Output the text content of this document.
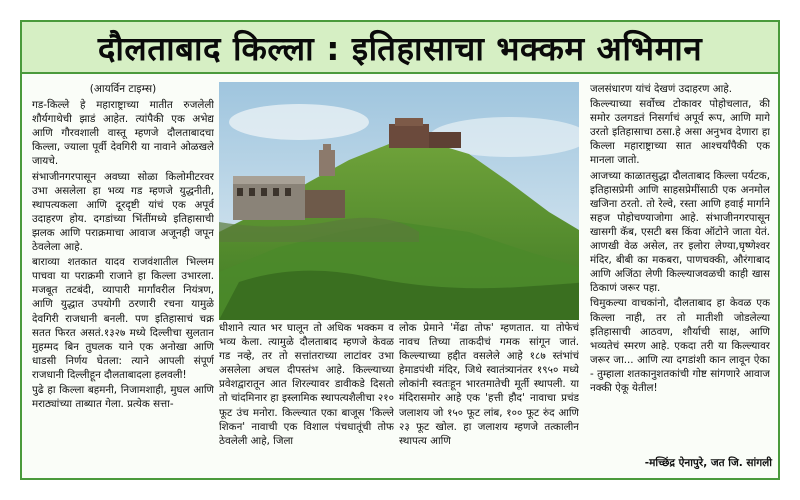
दौलताबाद किल्ला : इतिहासाचा भक्कम अभिमान
(आयर्विन टाइम्स)

गड-किल्ले हे महाराष्ट्राच्या मातीत रुजलेली शौर्यगाथेची झाडं आहेत. त्यांपैकी एक अभेद्य आणि गौरवशाली वास्तू म्हणजे दौलताबादचा किल्ला, ज्याला पूर्वी देवगिरी या नावाने ओळखले जायचे.

संभाजीनगरपासून अवघ्या सोळा किलोमीटरवर उभा असलेला हा भव्य गड म्हणजे युद्धनीती, स्थापत्यकला आणि दूरदृष्टी यांचं एक अपूर्व उदाहरण होय. दगडांच्या भिंतींमध्ये इतिहासाची झलक आणि पराक्रमाचा आवाज अजूनही जपून ठेवलेला आहे.

बाराव्या शतकात यादव राजवंशातील भिल्लम पाचवा या पराक्रमी राजाने हा किल्ला उभारला. मजबूत तटबंदी, व्यापारी मार्गांवरील नियंत्रण, आणि युद्धात उपयोगी ठरणारी रचना यामुळे देवगिरी राजधानी बनली. पण इतिहासाचं चक्र सतत फिरत असतं.१३२७ मध्ये दिल्लीचा सुलतान मुहम्मद बिन तुघलक याने एक अनोखा आणि धाडसी निर्णय घेतला: त्याने आपली संपूर्ण राजधानी दिल्लीहून दौलताबादला हलवली!

पुढे हा किल्ला बहमनी, निजामशाही, मुघल आणि मराठ्यांच्या ताब्यात गेला. प्रत्येक सत्ता-

धीशाने त्यात भर घालून तो अधिक भक्कम व भव्य केला. त्यामुळे दौलताबाद म्हणजे केवळ गड नव्हे, तर तो सत्तांतराच्या लाटांवर उभा असलेला अचल दीपस्तंभ आहे. किल्ल्याच्या प्रवेशद्वारातून आत शिरल्यावर डावीकडे दिसतो तो चांदमिनार हा इस्लामिक स्थापत्यशैलीचा २१० फूट उंच मनोरा. किल्ल्यात एका बाजूस 'किल्ले शिकन' नावाची एक विशाल पंचधातूंची तोफ ठेवलेली आहे, जिला

लोक प्रेमाने 'मेंढा तोफ' म्हणतात. या तोफेचं नावच तिच्या ताकदीचं गमक सांगून जातं. किल्ल्याच्या हद्दीत वसलेले आहे १८७ स्तंभांचं हेमाडपंथी मंदिर, जिथे स्वातंत्र्यानंतर १९५० मध्ये लोकांनी स्वतःहून भारतमातेची मूर्ती स्थापली. या मंदिरासमोर आहे एक 'हत्ती हौद' नावाचा प्रचंड जलाशय जो १५० फूट लांब, १०० फूट रुंद आणि २३ फूट खोल. हा जलाशय म्हणजे तत्कालीन स्थापत्य आणि

जलसंधारण यांचं देखणं उदाहरण आहे.

किल्ल्याच्या सर्वोच्च टोकावर पोहोचलात, की समोर उलगडतं निसर्गाचं अपूर्व रूप, आणि मागे उरतो इतिहासाचा ठसा.हे असा अनुभव देणारा हा किल्ला महाराष्ट्राच्या सात आश्चर्यांपैकी एक मानला जातो.

आजच्या काळातसुद्धा दौलताबाद किल्ला पर्यटक, इतिहासप्रेमी आणि साहसप्रेमींसाठी एक अनमोल खजिना ठरतो. तो रेल्वे, रस्ता आणि हवाई मार्गाने सहज पोहोचण्याजोगा आहे. संभाजीनगरपासून खासगी कॅब, एसटी बस किंवा ऑटोने जाता येतं. आणखी वेळ असेल, तर इलोरा लेण्या,घृष्णेश्वर मंदिर, बीबी का मकबरा, पाणचक्की, औरंगाबाद आणि अजिंठा लेणी किल्ल्याजवळची काही खास ठिकाणं जरूर पहा.

चिमुकल्या वाचकांनो, दौलताबाद हा केवळ एक किल्ला नाही, तर तो मातीशी जोडलेल्या इतिहासाची आठवण, शौर्याची साक्ष, आणि भव्यतेचं स्मरण आहे. एकदा तरी या किल्ल्यावर जरूर जा... आणि त्या दगडांशी कान लावून ऐका - तुम्हाला शतकानुशतकांची गोष्ट सांगणारे आवाज नक्की ऐकू येतील!

-मच्छिंद्र ऐनापुरे, जत जि. सांगली
